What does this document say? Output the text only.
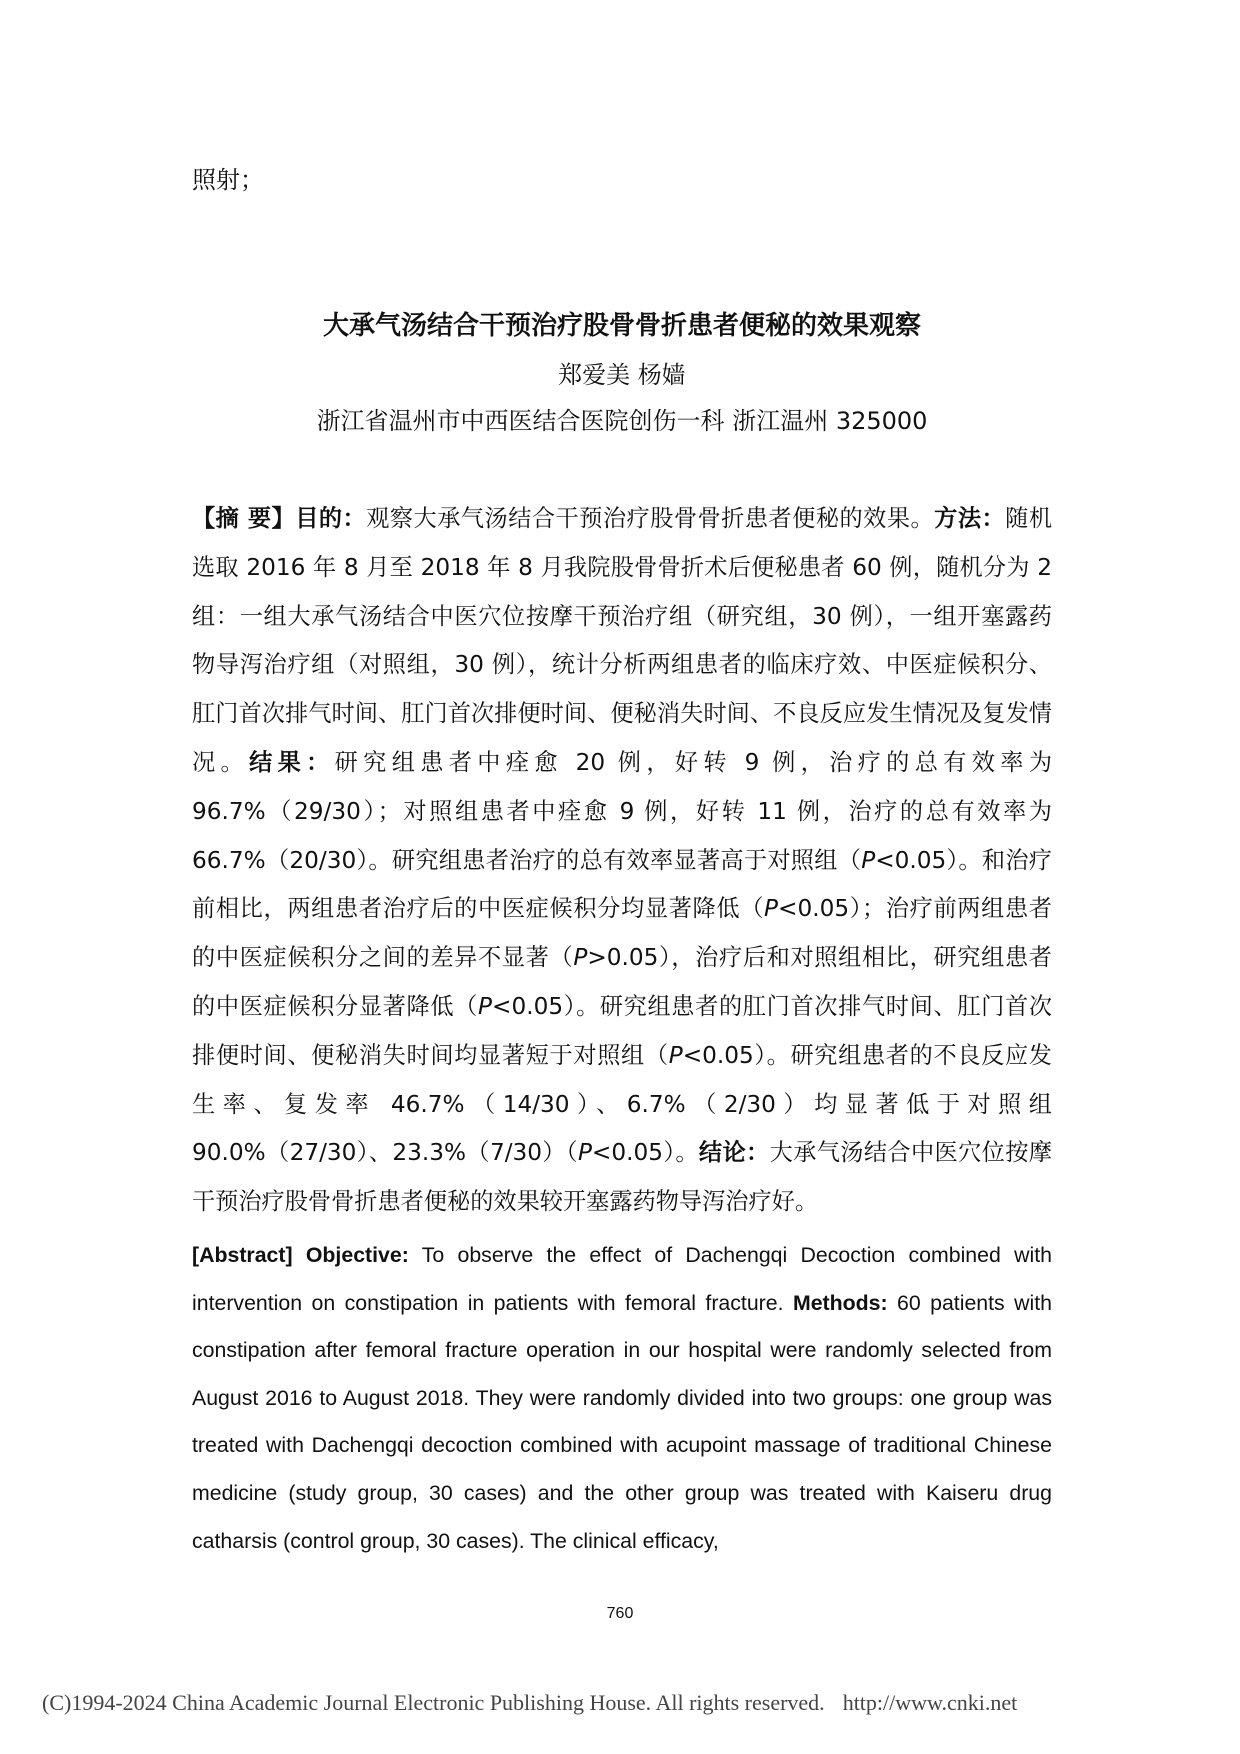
照射；
大承气汤结合干预治疗股骨骨折患者便秘的效果观察
郑爱美 杨嫱
浙江省温州市中西医结合医院创伤一科 浙江温州 325000
【摘 要】目的：观察大承气汤结合干预治疗股骨骨折患者便秘的效果。方法：随机选取 2016 年 8 月至 2018 年 8 月我院股骨骨折术后便秘患者 60 例，随机分为 2 组：一组大承气汤结合中医穴位按摩干预治疗组（研究组，30 例），一组开塞露药物导泻治疗组（对照组，30 例），统计分析两组患者的临床疗效、中医症候积分、肛门首次排气时间、肛门首次排便时间、便秘消失时间、不良反应发生情况及复发情况。结果：研究组患者中痊愈 20 例，好转 9 例，治疗的总有效率为 96.7%（29/30）；对照组患者中痊愈 9 例，好转 11 例，治疗的总有效率为 66.7%（20/30）。研究组患者治疗的总有效率显著高于对照组（P<0.05）。和治疗前相比，两组患者治疗后的中医症候积分均显著降低（P<0.05）；治疗前两组患者的中医症候积分之间的差异不显著（P>0.05），治疗后和对照组相比，研究组患者的中医症候积分显著降低（P<0.05）。研究组患者的肛门首次排气时间、肛门首次排便时间、便秘消失时间均显著短于对照组（P<0.05）。研究组患者的不良反应发生率、复发率 46.7%（14/30）、6.7%（2/30）均显著低于对照组 90.0%（27/30）、23.3%（7/30）（P<0.05）。结论：大承气汤结合中医穴位按摩干预治疗股骨骨折患者便秘的效果较开塞露药物导泻治疗好。
[Abstract] Objective: To observe the effect of Dachengqi Decoction combined with intervention on constipation in patients with femoral fracture. Methods: 60 patients with constipation after femoral fracture operation in our hospital were randomly selected from August 2016 to August 2018. They were randomly divided into two groups: one group was treated with Dachengqi decoction combined with acupoint massage of traditional Chinese medicine (study group, 30 cases) and the other group was treated with Kaiseru drug catharsis (control group, 30 cases). The clinical efficacy,
760
(C)1994-2024 China Academic Journal Electronic Publishing House. All rights reserved. http://www.cnki.net
